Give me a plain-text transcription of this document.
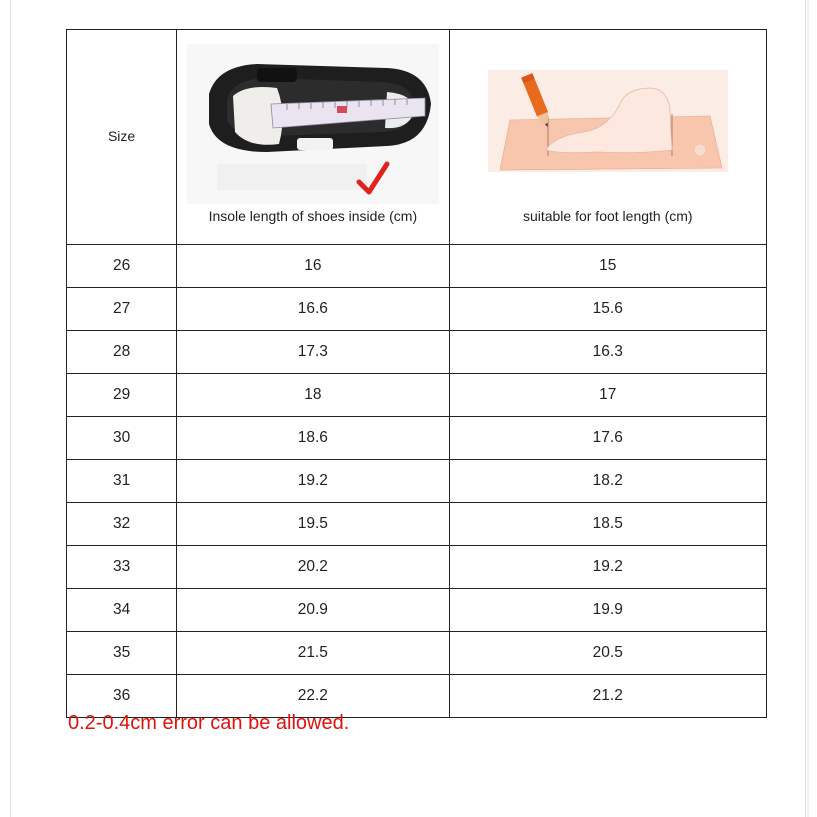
Size	Insole length of shoes inside (cm)	suitable for foot length (cm)

26	16	15
27	16.6	15.6
28	17.3	16.3
29	18	17
30	18.6	17.6
31	19.2	18.2
32	19.5	18.5
33	20.2	19.2
34	20.9	19.9
35	21.5	20.5
36	22.2	21.2
0.2-0.4cm error can be allowed.
